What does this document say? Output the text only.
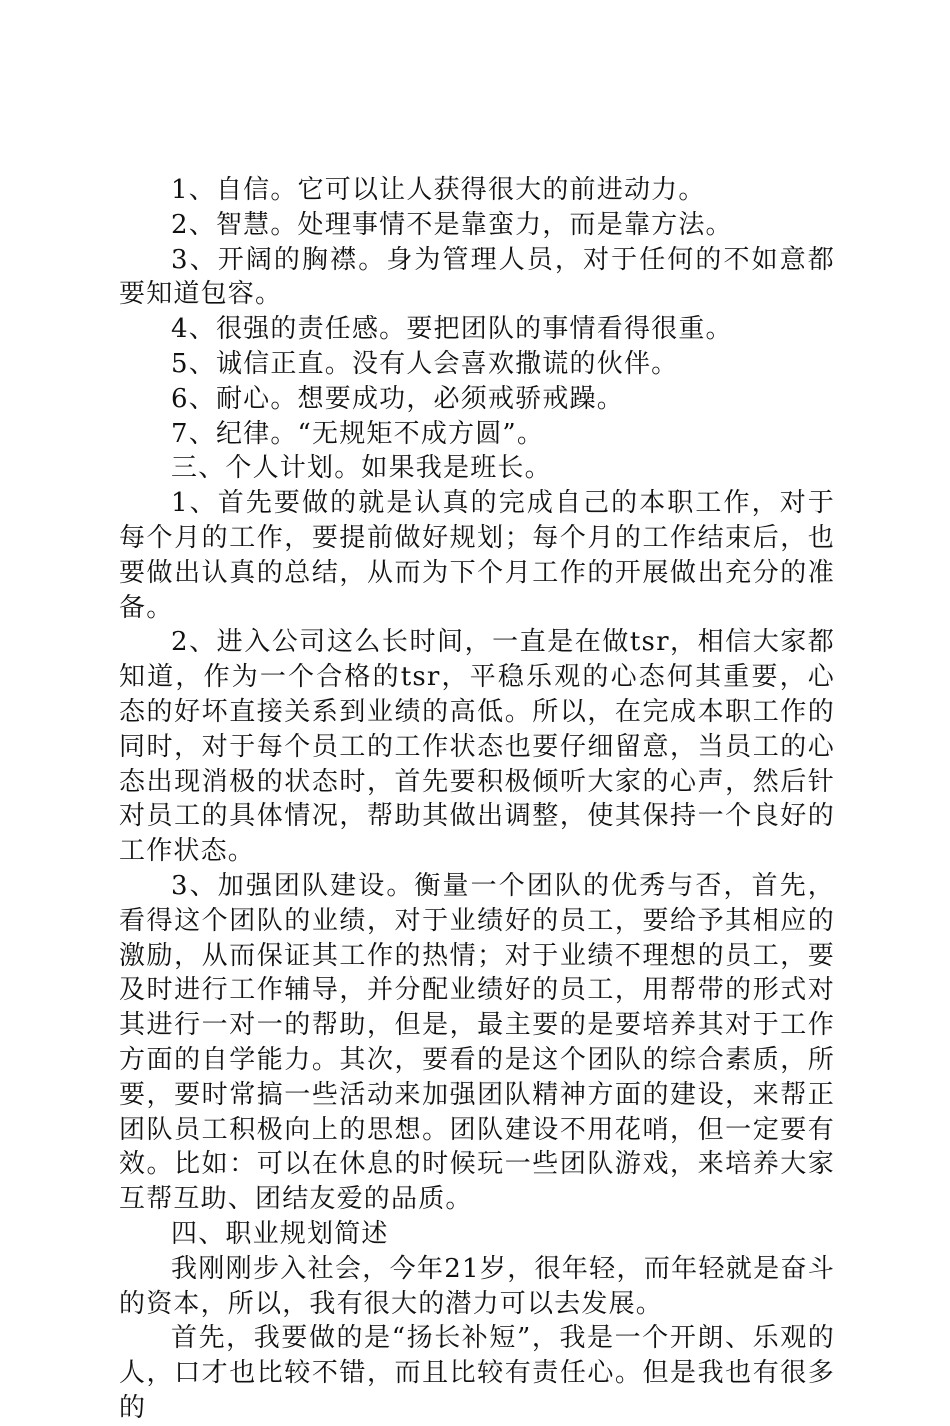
1、自信。它可以让人获得很大的前进动力。

2、智慧。处理事情不是靠蛮力，而是靠方法。

3、开阔的胸襟。身为管理人员，对于任何的不如意都要知道包容。

4、很强的责任感。要把团队的事情看得很重。

5、诚信正直。没有人会喜欢撒谎的伙伴。

6、耐心。想要成功，必须戒骄戒躁。

7、纪律。“无规矩不成方圆”。

三、个人计划。如果我是班长。

1、首先要做的就是认真的完成自己的本职工作，对于每个月的工作，要提前做好规划；每个月的工作结束后，也要做出认真的总结，从而为下个月工作的开展做出充分的准备。

2、进入公司这么长时间，一直是在做tsr，相信大家都知道，作为一个合格的tsr，平稳乐观的心态何其重要，心态的好坏直接关系到业绩的高低。所以，在完成本职工作的同时，对于每个员工的工作状态也要仔细留意，当员工的心态出现消极的状态时，首先要积极倾听大家的心声，然后针对员工的具体情况，帮助其做出调整，使其保持一个良好的工作状态。

3、加强团队建设。衡量一个团队的优秀与否，首先，看得这个团队的业绩，对于业绩好的员工，要给予其相应的激励，从而保证其工作的热情；对于业绩不理想的员工，要及时进行工作辅导，并分配业绩好的员工，用帮带的形式对其进行一对一的帮助，但是，最主要的是要培养其对于工作方面的自学能力。其次，要看的是这个团队的综合素质，所要，要时常搞一些活动来加强团队精神方面的建设，来帮正团队员工积极向上的思想。团队建设不用花哨，但一定要有效。比如：可以在休息的时候玩一些团队游戏，来培养大家互帮互助、团结友爱的品质。

四、职业规划简述

我刚刚步入社会，今年21岁，很年轻，而年轻就是奋斗的资本，所以，我有很大的潜力可以去发展。

首先，我要做的是“扬长补短”，我是一个开朗、乐观的人，口才也比较不错，而且比较有责任心。但是我也有很多的
